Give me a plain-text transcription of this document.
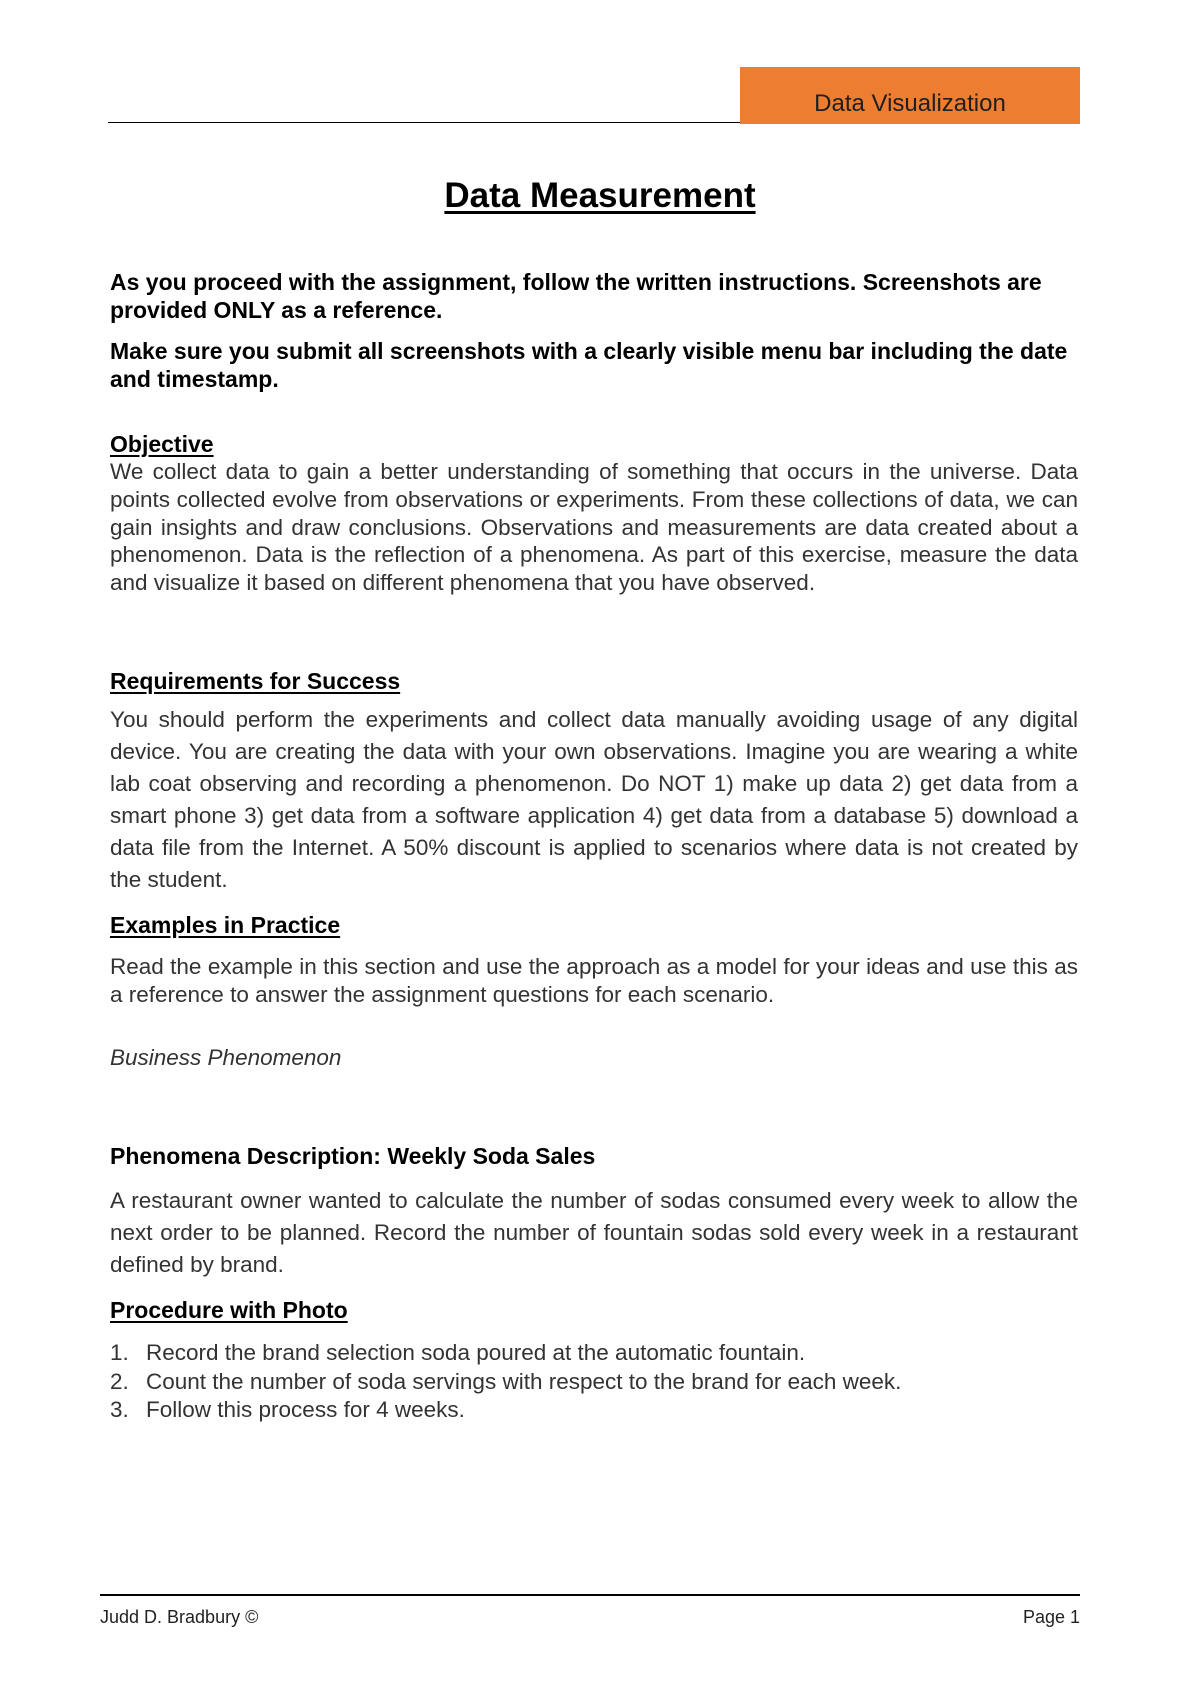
Data Visualization
Data Measurement

As you proceed with the assignment, follow the written instructions. Screenshots are provided ONLY as a reference.

Make sure you submit all screenshots with a clearly visible menu bar including the date and timestamp.

Objective

We collect data to gain a better understanding of something that occurs in the universe. Data points collected evolve from observations or experiments. From these collections of data, we can gain insights and draw conclusions. Observations and measurements are data created about a phenomenon. Data is the reflection of a phenomena. As part of this exercise, measure the data and visualize it based on different phenomena that you have observed.

Requirements for Success

You should perform the experiments and collect data manually avoiding usage of any digital device. You are creating the data with your own observations. Imagine you are wearing a white lab coat observing and recording a phenomenon. Do NOT 1) make up data 2) get data from a smart phone 3) get data from a software application 4) get data from a database 5) download a data file from the Internet. A 50% discount is applied to scenarios where data is not created by the student.

Examples in Practice

Read the example in this section and use the approach as a model for your ideas and use this as a reference to answer the assignment questions for each scenario.

Business Phenomenon

Phenomena Description: Weekly Soda Sales

A restaurant owner wanted to calculate the number of sodas consumed every week to allow the next order to be planned. Record the number of fountain sodas sold every week in a restaurant defined by brand.

Procedure with Photo

1. Record the brand selection soda poured at the automatic fountain.
2. Count the number of soda servings with respect to the brand for each week.
3. Follow this process for 4 weeks.
Judd D. Bradbury ©	Page 1
